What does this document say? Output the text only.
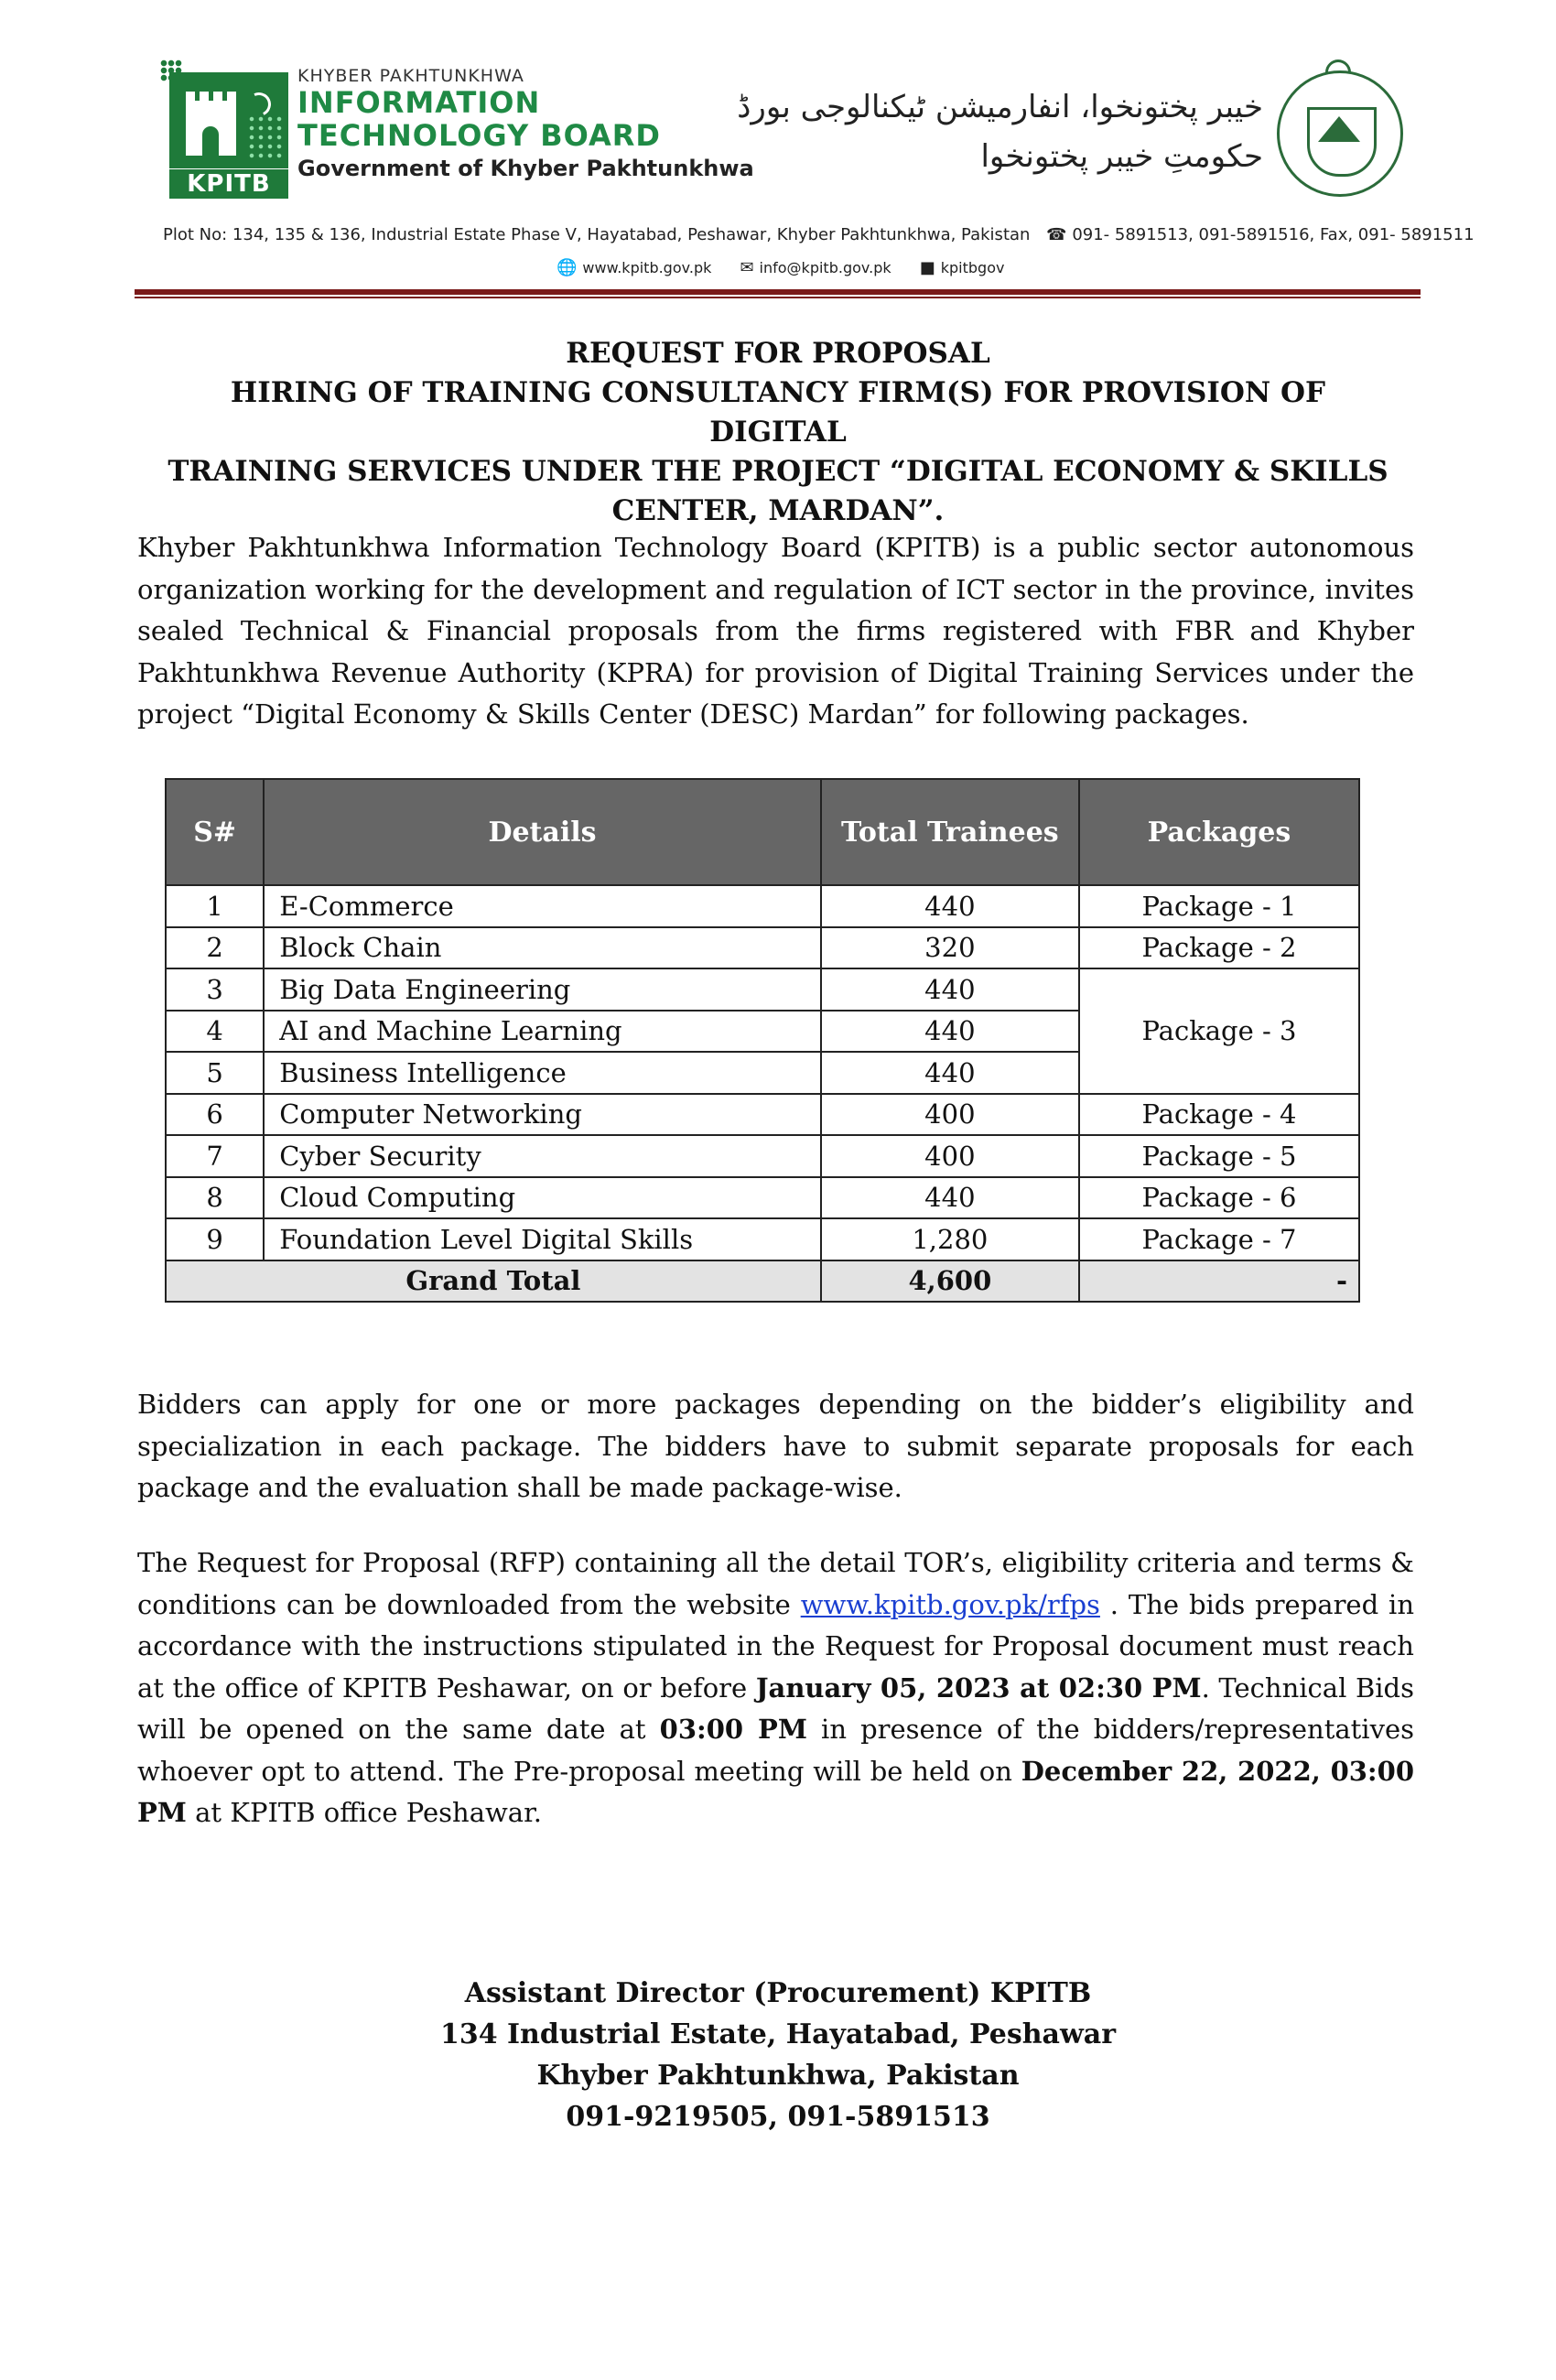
KPITB
KHYBER PAKHTUNKHWA
INFORMATION
TECHNOLOGY BOARD
Government of Khyber Pakhtunkhwa
خیبر پختونخوا، انفارمیشن ٹیکنالوجی بورڈ
حکومتِ خیبر پختونخوا
Plot No: 134, 135 & 136, Industrial Estate Phase V, Hayatabad, Peshawar, Khyber Pakhtunkhwa, Pakistan ☎ 091- 5891513, 091-5891516, Fax, 091- 5891511
🌐 www.kpitb.gov.pk ✉ info@kpitb.gov.pk ■ kpitbgov
REQUEST FOR PROPOSAL
HIRING OF TRAINING CONSULTANCY FIRM(S) FOR PROVISION OF DIGITAL
TRAINING SERVICES UNDER THE PROJECT “DIGITAL ECONOMY & SKILLS
CENTER, MARDAN”.
Khyber Pakhtunkhwa Information Technology Board (KPITB) is a public sector autonomous organization working for the development and regulation of ICT sector in the province, invites sealed Technical & Financial proposals from the firms registered with FBR and Khyber Pakhtunkhwa Revenue Authority (KPRA) for provision of Digital Training Services under the project “Digital Economy & Skills Center (DESC) Mardan” for following packages.
S#	Details	Total Trainees	Packages
1	E-Commerce	440	Package - 1
2	Block Chain	320	Package - 2
3	Big Data Engineering	440	Package - 3
4	AI and Machine Learning	440	
5	Business Intelligence	440	
6	Computer Networking	400	Package - 4
7	Cyber Security	400	Package - 5
8	Cloud Computing	440	Package - 6
9	Foundation Level Digital Skills	1,280	Package - 7
Grand Total		4,600	-
Bidders can apply for one or more packages depending on the bidder’s eligibility and specialization in each package. The bidders have to submit separate proposals for each package and the evaluation shall be made package-wise.
The Request for Proposal (RFP) containing all the detail TOR’s, eligibility criteria and terms & conditions can be downloaded from the website www.kpitb.gov.pk/rfps . The bids prepared in accordance with the instructions stipulated in the Request for Proposal document must reach at the office of KPITB Peshawar, on or before January 05, 2023 at 02:30 PM. Technical Bids will be opened on the same date at 03:00 PM in presence of the bidders/representatives whoever opt to attend. The Pre-proposal meeting will be held on December 22, 2022, 03:00 PM at KPITB office Peshawar.
Assistant Director (Procurement) KPITB
134 Industrial Estate, Hayatabad, Peshawar
Khyber Pakhtunkhwa, Pakistan
091-9219505, 091-5891513
